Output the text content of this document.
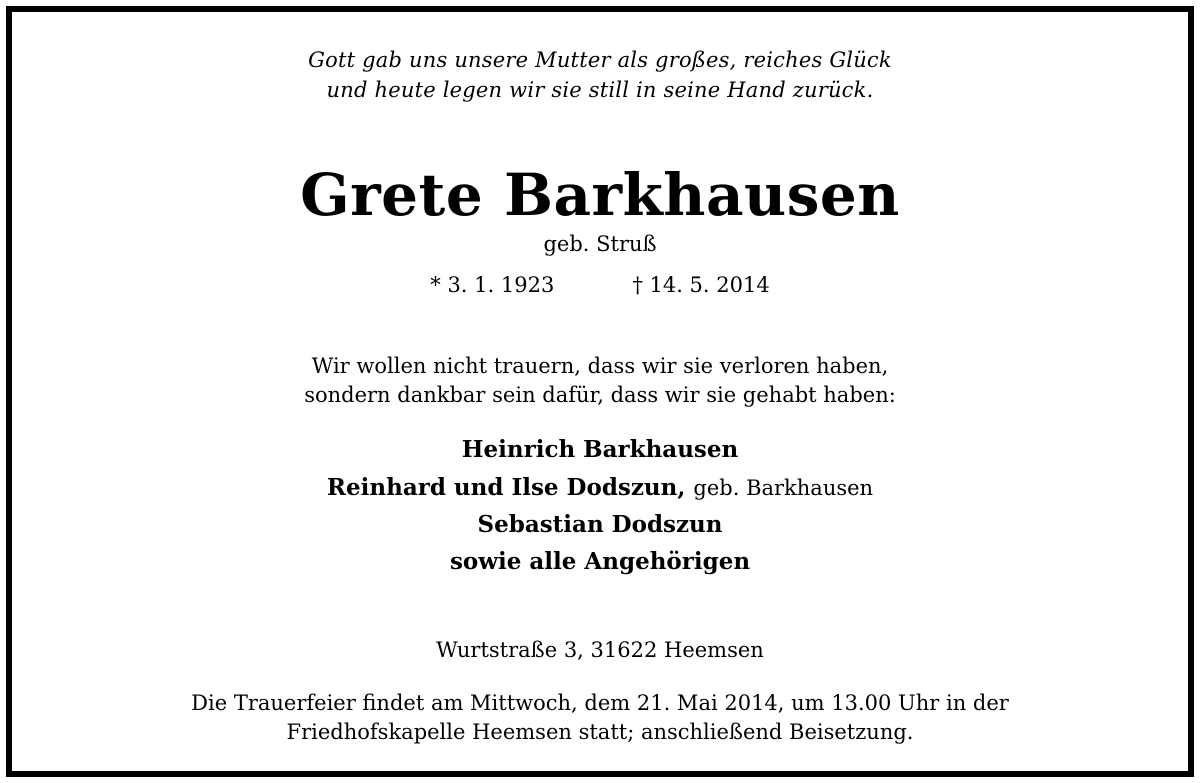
Gott gab uns unsere Mutter als großes, reiches Glück
und heute legen wir sie still in seine Hand zurück.
Grete Barkhausen
geb. Struß
* 3. 1. 1923	† 14. 5. 2014
Wir wollen nicht trauern, dass wir sie verloren haben,
sondern dankbar sein dafür, dass wir sie gehabt haben:
Heinrich Barkhausen
Reinhard und Ilse Dodszun, geb. Barkhausen
Sebastian Dodszun
sowie alle Angehörigen
Wurtstraße 3, 31622 Heemsen
Die Trauerfeier findet am Mittwoch, dem 21. Mai 2014, um 13.00 Uhr in der
Friedhofskapelle Heemsen statt; anschließend Beisetzung.
